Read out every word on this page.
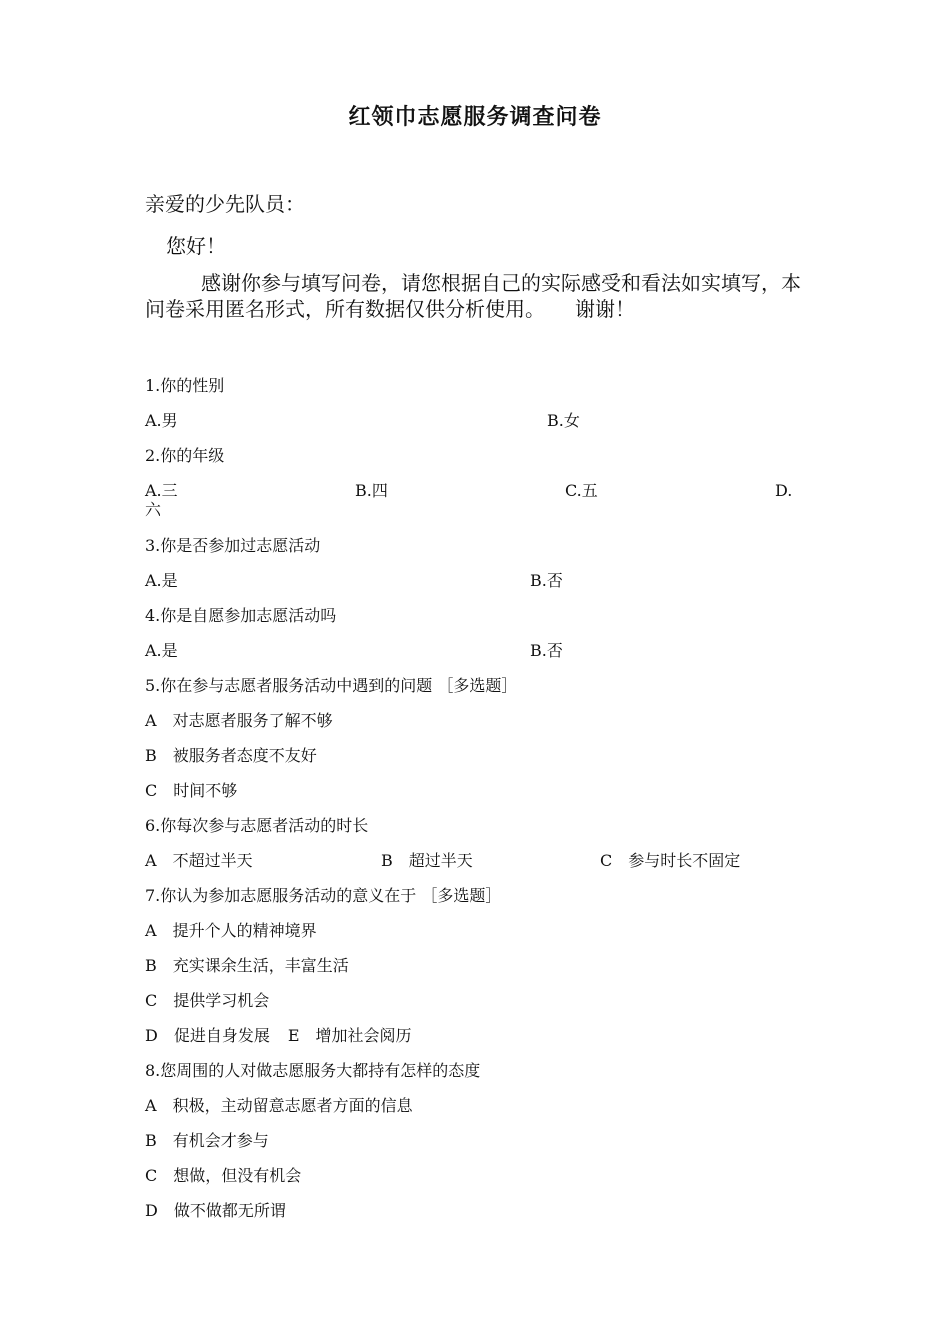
红领巾志愿服务调查问卷
亲爱的少先队员：
您好！
感谢你参与填写问卷，请您根据自己的实际感受和看法如实填写，本问卷采用匿名形式，所有数据仅供分析使用。 谢谢！
1.你的性别
A.男	B.女
2.你的年级
A.三	B.四	C.五	D.
六
3.你是否参加过志愿活动
A.是	B.否
4.你是自愿参加志愿活动吗
A.是	B.否
5.你在参与志愿者服务活动中遇到的问题 ［多选题］
A 对志愿者服务了解不够
B 被服务者态度不友好
C 时间不够
6.你每次参与志愿者活动的时长
A 不超过半天	B 超过半天	C 参与时长不固定
7.你认为参加志愿服务活动的意义在于 ［多选题］
A 提升个人的精神境界
B 充实课余生活，丰富生活
C 提供学习机会
D 促进自身发展 E 增加社会阅历
8.您周围的人对做志愿服务大都持有怎样的态度
A 积极，主动留意志愿者方面的信息
B 有机会才参与
C 想做，但没有机会
D 做不做都无所谓
